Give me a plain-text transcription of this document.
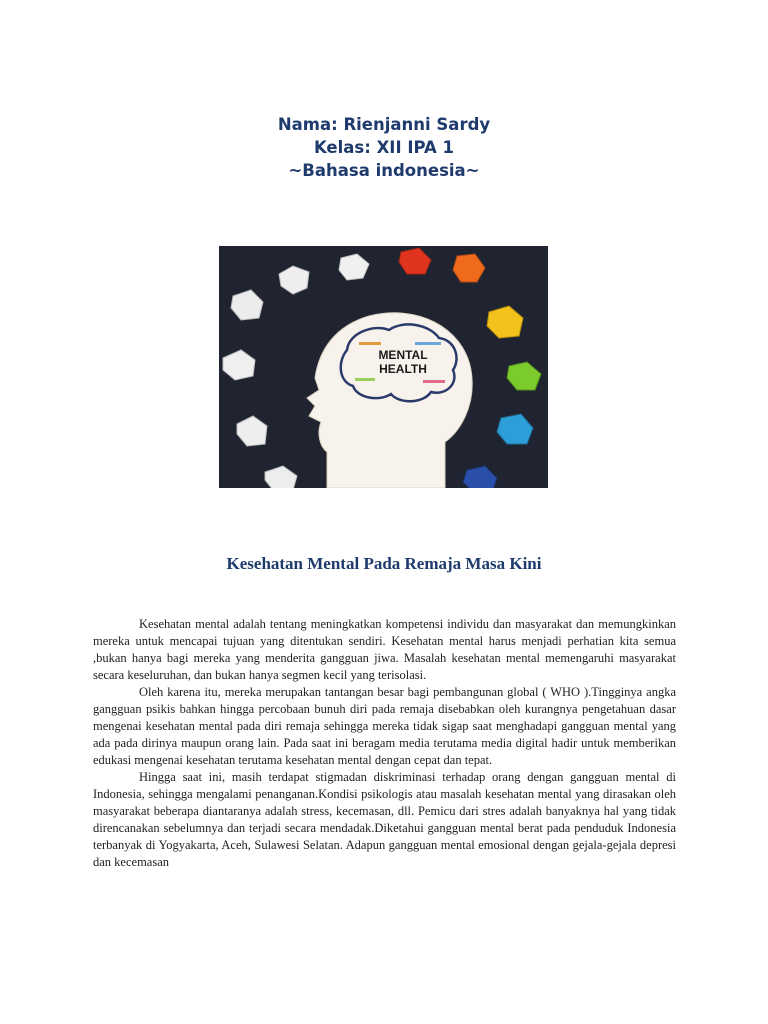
Nama: Rienjanni Sardy
Kelas: XII IPA 1
~Bahasa indonesia~
MENTAL
HEALTH
Kesehatan Mental Pada Remaja Masa Kini

Kesehatan mental adalah tentang meningkatkan kompetensi individu dan masyarakat dan memungkinkan mereka untuk mencapai tujuan yang ditentukan sendiri. Kesehatan mental harus menjadi perhatian kita semua ,bukan hanya bagi mereka yang menderita gangguan jiwa. Masalah kesehatan mental memengaruhi masyarakat secara keseluruhan, dan bukan hanya segmen kecil yang terisolasi.

Oleh karena itu, mereka merupakan tantangan besar bagi pembangunan global ( WHO ).Tingginya angka gangguan psikis bahkan hingga percobaan bunuh diri pada remaja disebabkan oleh kurangnya pengetahuan dasar mengenai kesehatan mental pada diri remaja sehingga mereka tidak sigap saat menghadapi gangguan mental yang ada pada dirinya maupun orang lain. Pada saat ini beragam media terutama media digital hadir untuk memberikan edukasi mengenai kesehatan terutama kesehatan mental dengan cepat dan tepat.

Hingga saat ini, masih terdapat stigmadan diskriminasi terhadap orang dengan gangguan mental di Indonesia, sehingga mengalami penanganan.Kondisi psikologis atau masalah kesehatan mental yang dirasakan oleh masyarakat beberapa diantaranya adalah stress, kecemasan, dll. Pemicu dari stres adalah banyaknya hal yang tidak direncanakan sebelumnya dan terjadi secara mendadak.Diketahui gangguan mental berat pada penduduk Indonesia terbanyak di Yogyakarta, Aceh, Sulawesi Selatan. Adapun gangguan mental emosional dengan gejala-gejala depresi dan kecemasan
